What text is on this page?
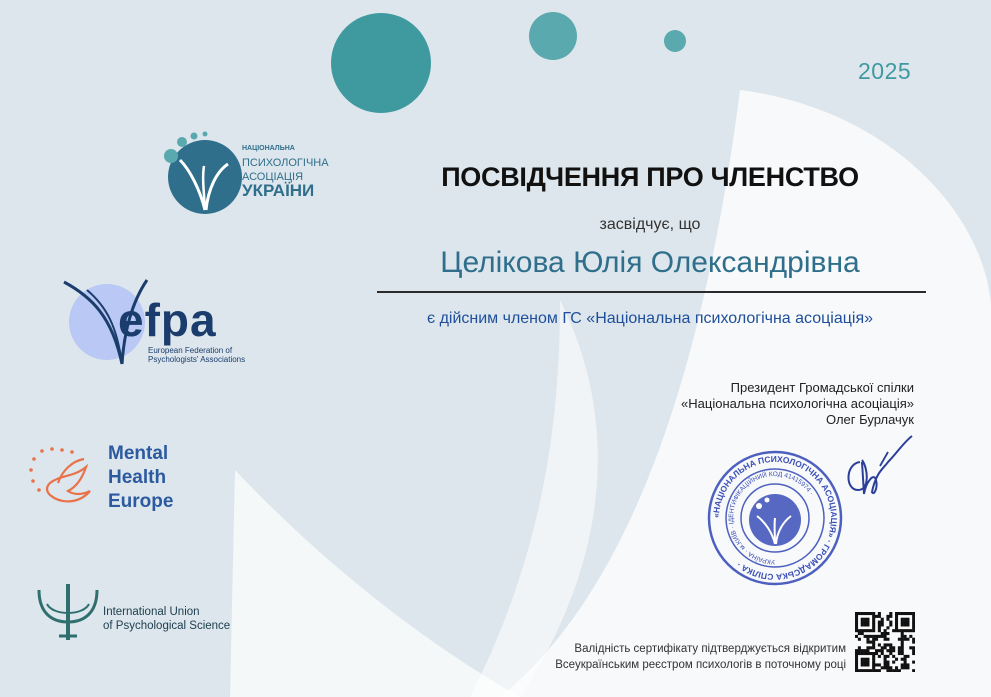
2025
НАЦІОНАЛЬНА
ПСИХОЛОГІЧНА
АСОЦІАЦІЯ
УКРАЇНИ
efpa
European Federation of
Psychologists' Associations
Mental
Health
Europe
International Union
of Psychological Science
ПОСВІДЧЕННЯ ПРО ЧЛЕНСТВО
засвідчує, що
Целікова Юлія Олександрівна
є дійсним членом ГС «Національна психологічна асоціація»
Президент Громадської спілки
«Національна психологічна асоціація»
Олег Бурлачук
«НАЦІОНАЛЬНА ПСИХОЛОГІЧНА АСОЦІАЦІЯ» · ГРОМАДСЬКА СПІЛКА ·	УКРАЇНА · м.КИЇВ · ІДЕНТИФІКАЦІЙНИЙ КОД 41415974 ·
Валідність сертифікату підтверджується відкритим
Всеукраїнським реєстром психологів в поточному році
